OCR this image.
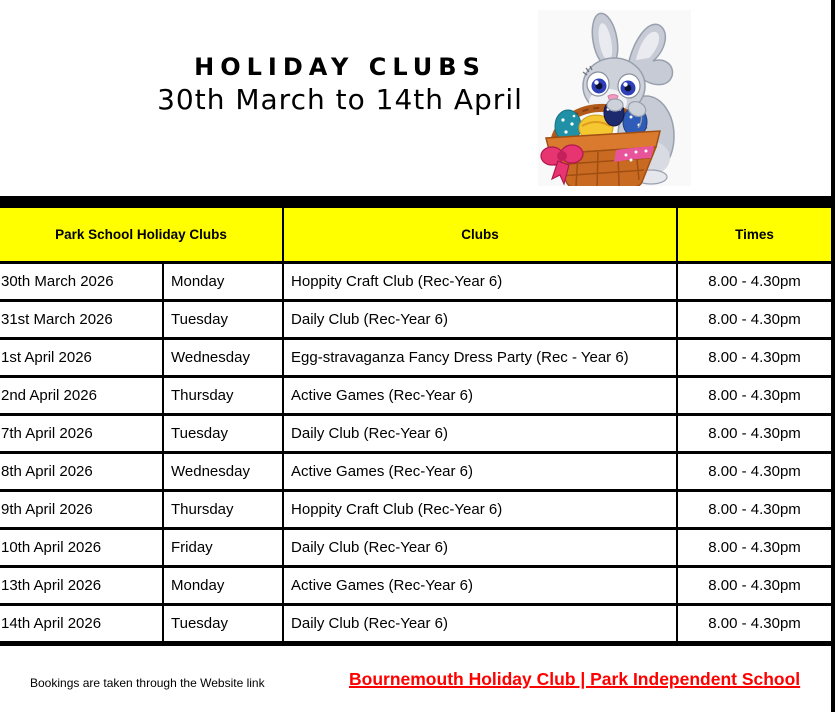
HOLIDAY CLUBS
30th March to 14th April
Park School Holiday Clubs		Clubs	Times
30th March 2026	Monday	Hoppity Craft Club (Rec-Year 6)	8.00 - 4.30pm
31st March 2026	Tuesday	Daily Club (Rec-Year 6)	8.00 - 4.30pm
1st April 2026	Wednesday	Egg-stravaganza Fancy Dress Party (Rec - Year 6)	8.00 - 4.30pm
2nd April 2026	Thursday	Active Games (Rec-Year 6)	8.00 - 4.30pm
7th April 2026	Tuesday	Daily Club (Rec-Year 6)	8.00 - 4.30pm
8th April 2026	Wednesday	Active Games (Rec-Year 6)	8.00 - 4.30pm
9th April 2026	Thursday	Hoppity Craft Club (Rec-Year 6)	8.00 - 4.30pm
10th April 2026	Friday	Daily Club (Rec-Year 6)	8.00 - 4.30pm
13th April 2026	Monday	Active Games (Rec-Year 6)	8.00 - 4.30pm
14th April 2026	Tuesday	Daily Club (Rec-Year 6)	8.00 - 4.30pm
Bookings are taken through the Website link	Bournemouth Holiday Club | Park Independent School
